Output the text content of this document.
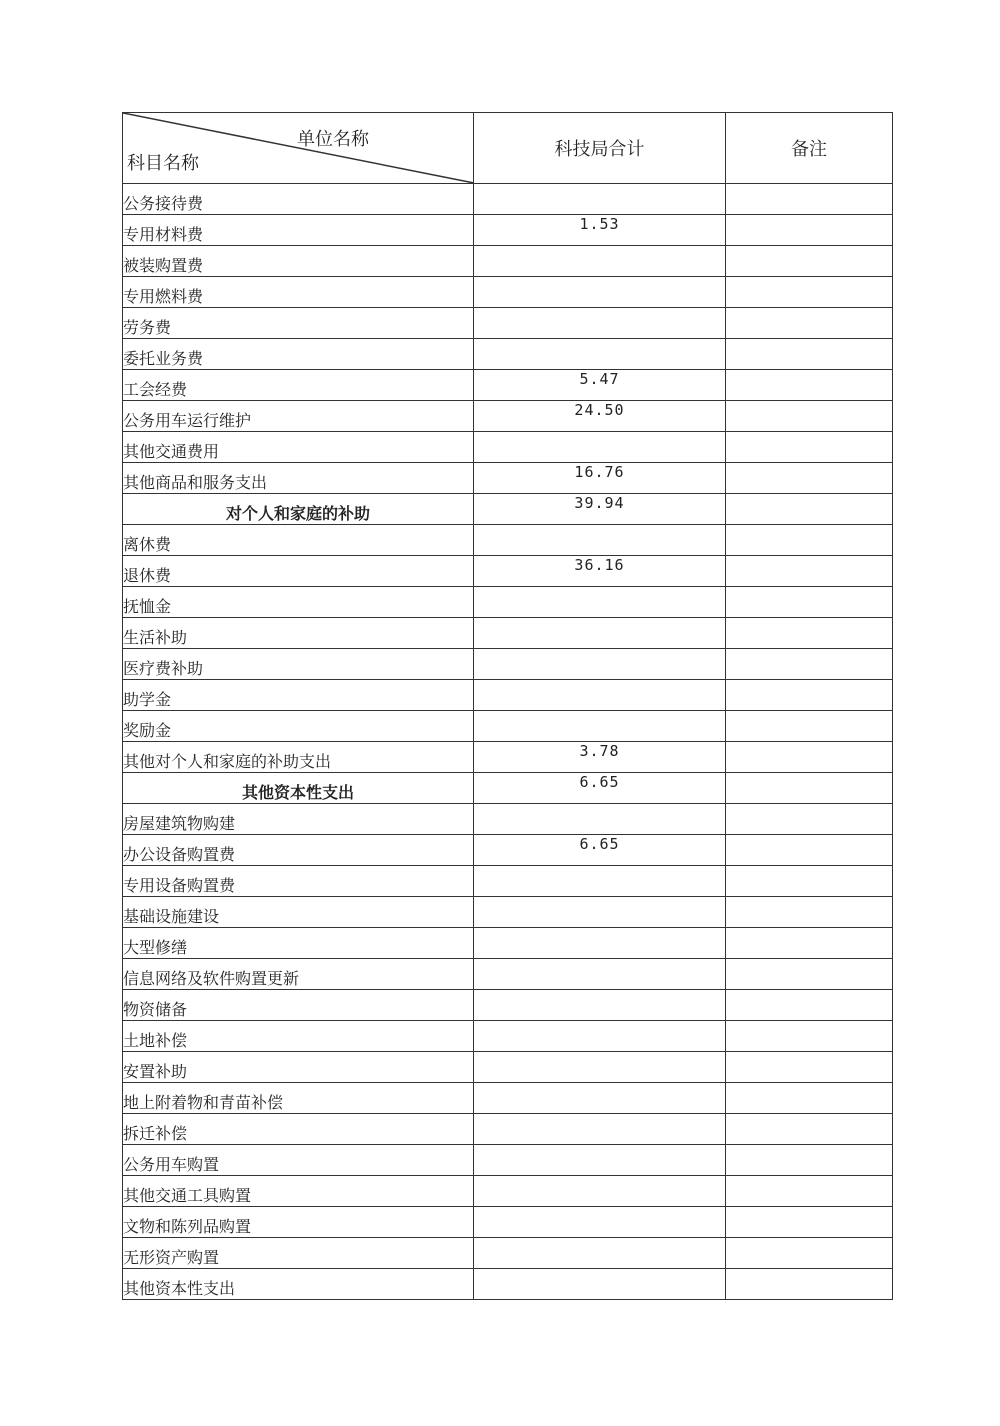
单位名称
科目名称	科技局合计	备注
公务接待费		
专用材料费	1.53	
被装购置费		
专用燃料费		
劳务费		
委托业务费		
工会经费	5.47	
公务用车运行维护	24.50	
其他交通费用		
其他商品和服务支出	16.76	
对个人和家庭的补助	39.94	
离休费		
退休费	36.16	
抚恤金		
生活补助		
医疗费补助		
助学金		
奖励金		
其他对个人和家庭的补助支出	3.78	
其他资本性支出	6.65	
房屋建筑物购建		
办公设备购置费	6.65	
专用设备购置费		
基础设施建设		
大型修缮		
信息网络及软件购置更新		
物资储备		
土地补偿		
安置补助		
地上附着物和青苗补偿		
拆迁补偿		
公务用车购置		
其他交通工具购置		
文物和陈列品购置		
无形资产购置		
其他资本性支出		
